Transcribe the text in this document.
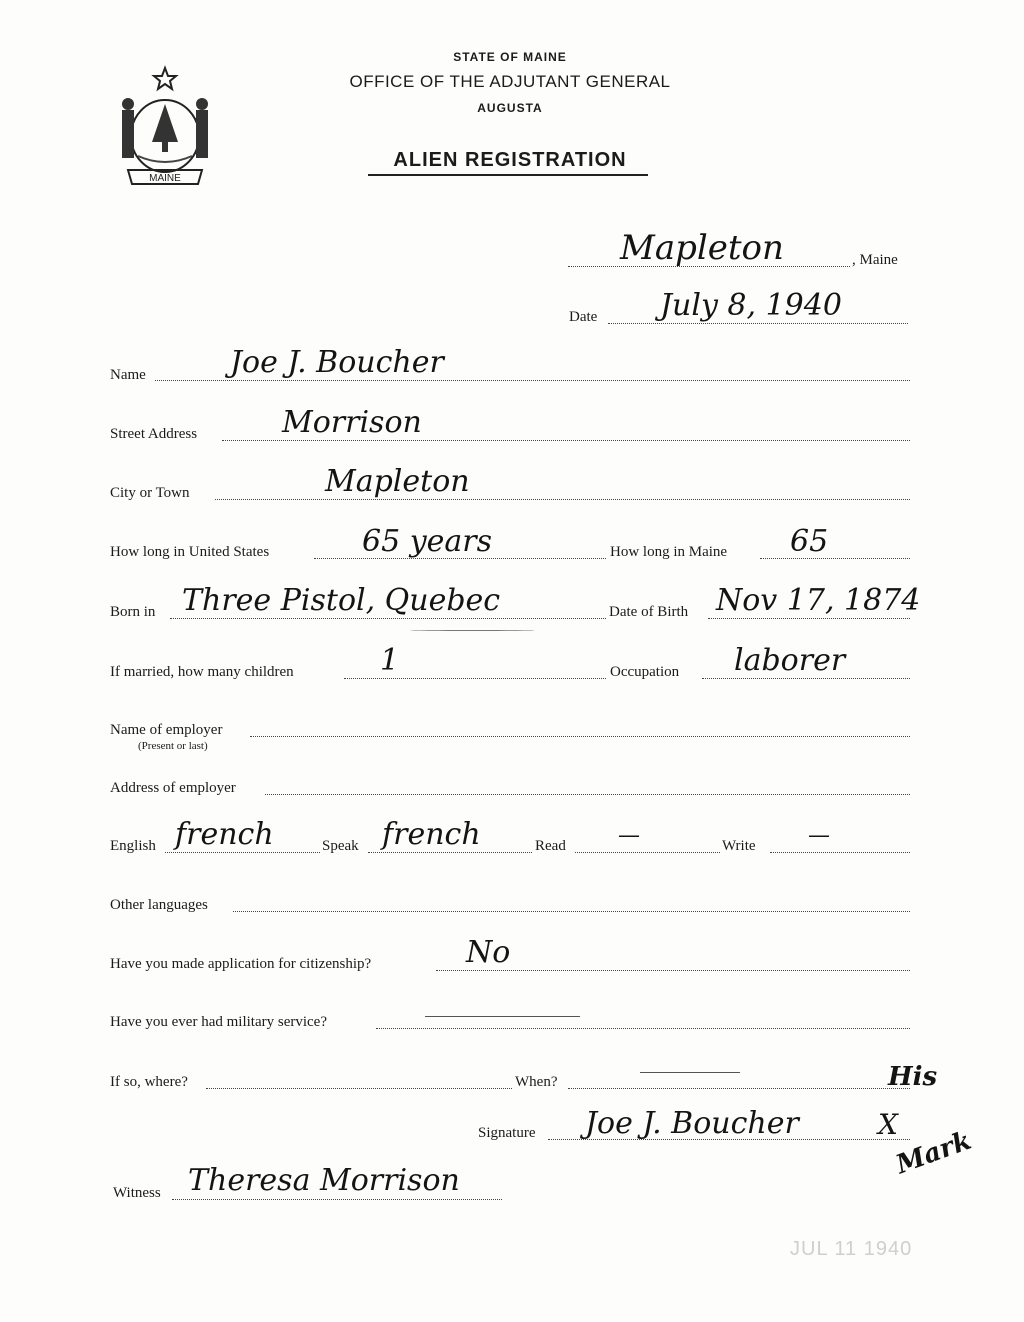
MAINE
STATE OF MAINE
OFFICE OF THE ADJUTANT GENERAL
AUGUSTA
ALIEN REGISTRATION
Mapleton	, Maine
Date July 8, 1940
Name	Joe J. Boucher
Street Address	Morrison
City or Town	Mapleton
How long in United States	65 years	How long in Maine 65
Born in Three Pistol, Quebec	Date of Birth Nov 17, 1874
If married, how many children	1	Occupation laborer
Name of employer
(Present or last)
Address of employer
English french	Speak french	Read —	Write —
Other languages
Have you made application for citizenship?	No
Have you ever had military service?
If so, where?	When?
Signature Joe J. Boucher
His
X
Mark
Witness Theresa Morrison
JUL 11 1940
